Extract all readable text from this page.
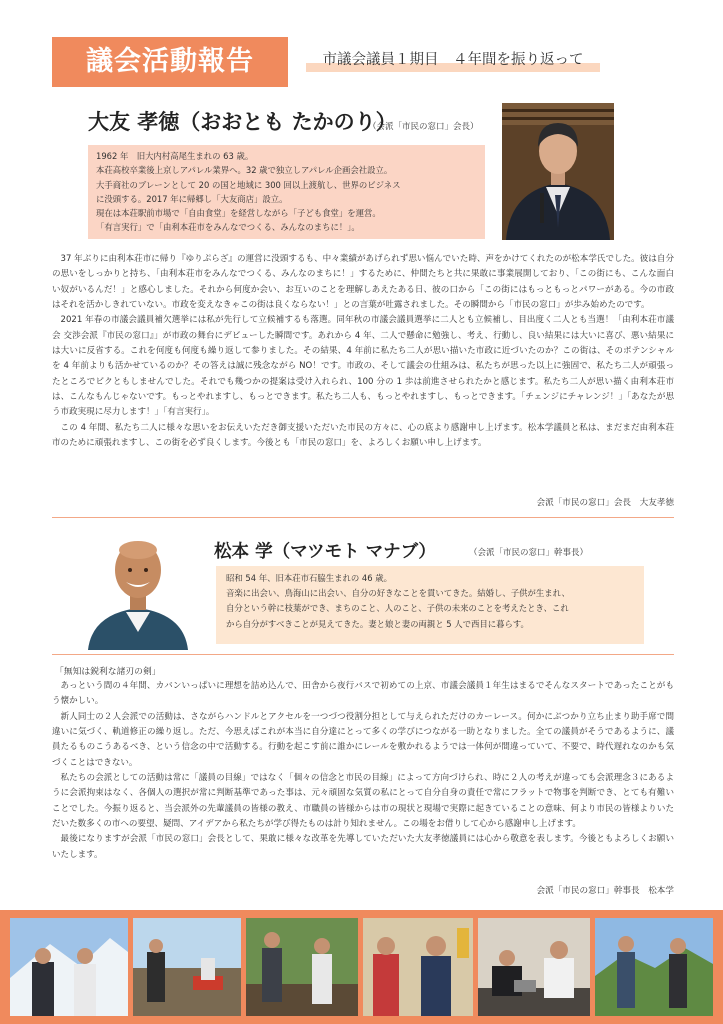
議会活動報告	市議会議員１期目　４年間を振り返って
大友 孝徳（おおとも たかのり）
（会派「市民の窓口」会長）
1962 年　旧大内村高尾生まれの 63 歳。
本荘高校卒業後上京しアパレル業界へ。32 歳で独立しアパレル企画会社設立。
大手商社のブレーンとして 20 の国と地域に 300 回以上渡航し、世界のビジネス
に没頭する。2017 年に帰郷し「大友商店」設立。
現在は本荘駅前市場で「自由食堂」を経営しながら「子ども食堂」を運営。
「有言実行」で「由利本荘市をみんなでつくる、みんなのまちに！」。

37 年ぶりに由利本荘市に帰り『ゆりぷらざ』の運営に没頭するも、中々業績があげられず思い悩んでいた時、声をかけてくれたのが松本学氏でした。彼は自分の思いをしっかりと持ち、「由利本荘市をみんなでつくる、みんなのまちに！」するために、仲間たちと共に果敢に事業展開しており、「この街にも、こんな面白い奴がいるんだ！」と感心しました。それから何度か会い、お互いのことを理解しあえたある日、彼の口から「この街にはもっともっとパワーがある。今の市政はそれを活かしきれていない。市政を変えなきゃこの街は良くならない！」との言葉が吐露されました。その瞬間から「市民の窓口」が歩み始めたのです。

2021 年春の市議会議員補欠選挙には私が先行して立候補するも落選。同年秋の市議会議員選挙に二人とも立候補し、目出度く二人とも当選！「由利本荘市議会 交渉会派『市民の窓口』」が市政の舞台にデビューした瞬間です。あれから 4 年、二人で懸命に勉強し、考え、行動し、良い結果には大いに喜び、悪い結果には大いに反省する。これを何度も何度も繰り返して参りました。その結果、4 年前に私たち二人が思い描いた市政に近づいたのか？この街は、そのポテンシャルを 4 年前よりも活かせているのか？その答えは誠に残念ながら NO！です。市政の、そして議会の仕組みは、私たちが思った以上に強固で、私たち二人が頑張ったところでビクともしませんでした。それでも幾つかの提案は受け入れられ、100 分の 1 歩は前進させられたかと感じます。私たち二人が思い描く由利本荘市は、こんなもんじゃないです。もっとやれますし、もっとできます。私たち二人も、もっとやれますし、もっとできます。「チェンジにチャレンジ！」「あなたが思う市政実現に尽力します！」「有言実行」。

この 4 年間、私たち二人に様々な思いをお伝えいただき御支援いただいた市民の方々に、心の底より感謝申し上げます。松本学議員と私は、まだまだ由利本荘市のために頑張れますし、この街を必ず良くします。今後とも「市民の窓口」を、よろしくお願い申し上げます。

会派「市民の窓口」会長　大友孝徳
松本 学（マツモト マナブ）	（会派「市民の窓口」幹事長）
昭和 54 年、旧本荘市石脇生まれの 46 歳。
音楽に出会い、鳥海山に出会い、自分の好きなことを貫いてきた。結婚し、子供が生まれ、
自分という幹に枝葉ができ、まちのこと、人のこと、子供の未来のことを考えたとき、これ
から自分がすべきことが見えてきた。妻と娘と妻の両親と 5 人で西目に暮らす。
「無知は鋭利な諸刃の剣」

あっという間の４年間、カバンいっぱいに理想を詰め込んで、田舎から夜行バスで初めての上京、市議会議員１年生はまるでそんなスタートであったことがもう懐かしい。

新人同士の２人会派での活動は、さながらハンドルとアクセルを一つづつ役割分担として与えられただけのカーレース。何かにぶつかり立ち止まり助手席で間違いに気づく、軌道修正の繰り返し。ただ、今思えばこれが本当に自分達にとって多くの学びにつながる一助となりました。全ての議員がそうであるように、議員たるものこうあるべき、という信念の中で活動する。行動を起こす前に誰かにレールを敷かれるようでは一体何が間違っていて、不要で、時代遅れなのかも気づくことはできない。

私たちの会派としての活動は常に「議員の目線」ではなく「個々の信念と市民の目線」によって方向づけられ、時に２人の考えが違っても会派理念３にあるように会派拘束はなく、各個人の選択が常に判断基準であった事は、元々頑固な気質の私にとって自分自身の責任で常にフラットで物事を判断でき、とても有難いことでした。今振り返ると、当会派外の先輩議員の皆様の教え、市職員の皆様からは市の現状と現場で実際に起きていることの意味、何より市民の皆様よりいただいた数多くの市への要望、疑問、アイデアから私たちが学び得たものは計り知れません。この場をお借りして心から感謝申し上げます。

最後になりますが会派「市民の窓口」会長として、果敢に様々な改革を先導していただいた大友孝徳議員には心から敬意を表します。今後ともよろしくお願いいたします。

会派「市民の窓口」幹事長　松本学
